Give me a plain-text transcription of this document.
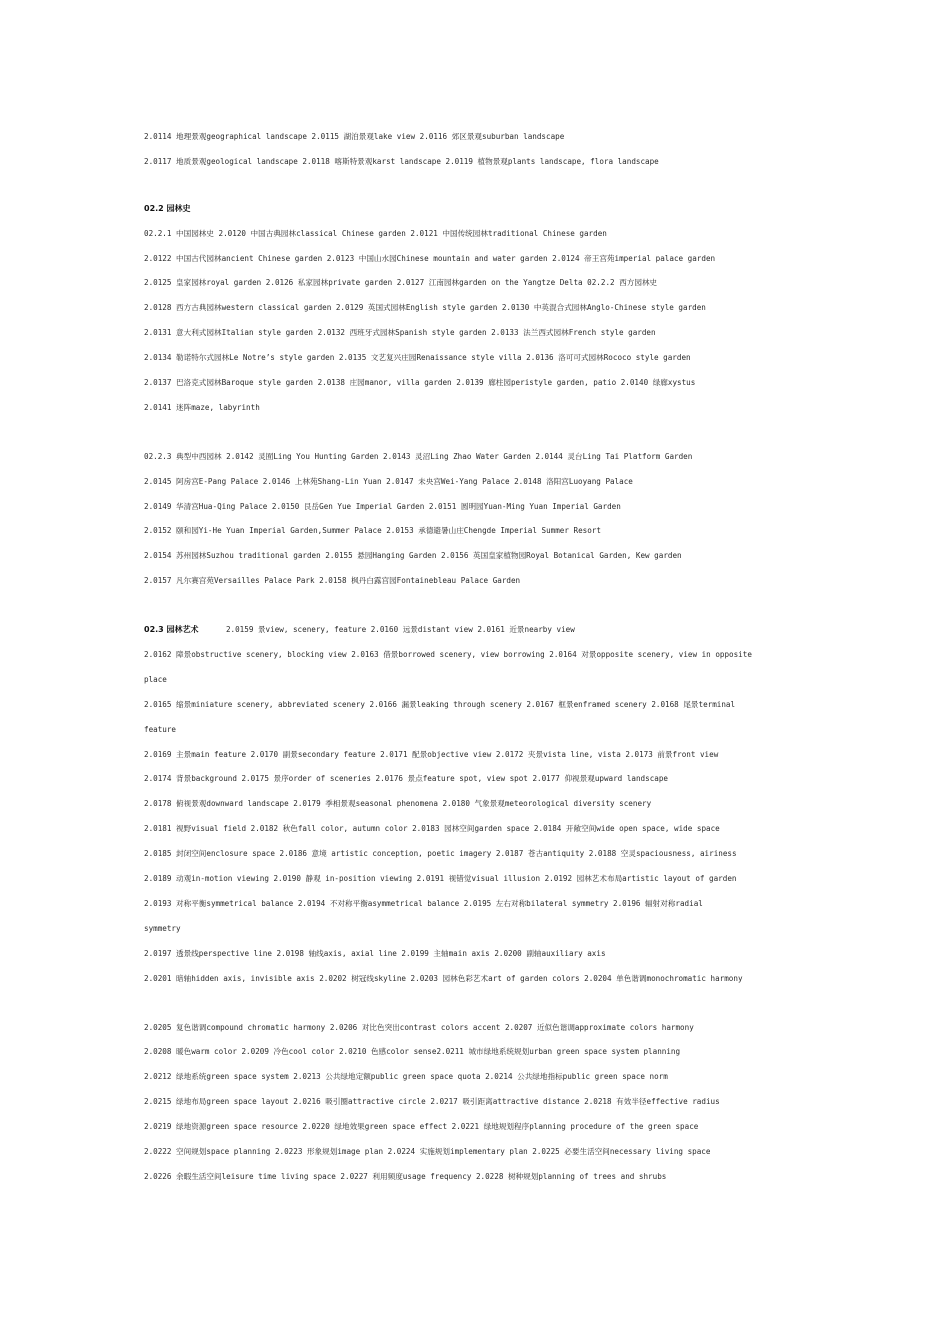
2.0114 地理景观geographical landscape 2.0115 湖泊景观lake view 2.0116 郊区景观suburban landscape
2.0117 地质景观geological landscape 2.0118 喀斯特景观karst landscape 2.0119 植物景观plants landscape, flora landscape
02.2 园林史
02.2.1 中国园林史 2.0120 中国古典园林classical Chinese garden 2.0121 中国传统园林traditional Chinese garden
2.0122 中国古代园林ancient Chinese garden 2.0123 中国山水园Chinese mountain and water garden 2.0124 帝王宫苑imperial palace garden
2.0125 皇家园林royal garden 2.0126 私家园林private garden 2.0127 江南园林garden on the Yangtze Delta 02.2.2 西方园林史
2.0128 西方古典园林western classical garden 2.0129 英国式园林English style garden 2.0130 中英混合式园林Anglo-Chinese style garden
2.0131 意大利式园林Italian style garden 2.0132 西班牙式园林Spanish style garden 2.0133 法兰西式园林French style garden
2.0134 勒诺特尔式园林Le Notre’s style garden 2.0135 文艺复兴庄园Renaissance style villa 2.0136 洛可可式园林Rococo style garden
2.0137 巴洛克式园林Baroque style garden 2.0138 庄园manor, villa garden 2.0139 廊柱园peristyle garden, patio 2.0140 绿廊xystus
2.0141 迷阵maze, labyrinth
02.2.3 典型中西园林 2.0142 灵囿Ling You Hunting Garden 2.0143 灵沼Ling Zhao Water Garden 2.0144 灵台Ling Tai Platform Garden
2.0145 阿房宫E-Pang Palace 2.0146 上林苑Shang-Lin Yuan 2.0147 未央宫Wei-Yang Palace 2.0148 洛阳宫Luoyang Palace
2.0149 华清宫Hua-Qing Palace 2.0150 艮岳Gen Yue Imperial Garden 2.0151 圆明园Yuan-Ming Yuan Imperial Garden
2.0152 颐和园Yi-He Yuan Imperial Garden,Summer Palace 2.0153 承德避暑山庄Chengde Imperial Summer Resort
2.0154 苏州园林Suzhou traditional garden 2.0155 悬园Hanging Garden 2.0156 英国皇家植物园Royal Botanical Garden, Kew garden
2.0157 凡尔赛宫苑Versailles Palace Park 2.0158 枫丹白露宫园Fontainebleau Palace Garden
02.3 园林艺术      2.0159 景view, scenery, feature 2.0160 远景distant view 2.0161 近景nearby view
2.0162 障景obstructive scenery, blocking view 2.0163 借景borrowed scenery, view borrowing 2.0164 对景opposite scenery, view in opposite
place
2.0165 缩景miniature scenery, abbreviated scenery 2.0166 漏景leaking through scenery 2.0167 框景enframed scenery 2.0168 尾景terminal
feature
2.0169 主景main feature 2.0170 副景secondary feature 2.0171 配景objective view 2.0172 夹景vista line, vista 2.0173 前景front view
2.0174 背景background 2.0175 景序order of sceneries 2.0176 景点feature spot, view spot 2.0177 仰视景观upward landscape
2.0178 俯视景观downward landscape 2.0179 季相景观seasonal phenomena 2.0180 气象景观meteorological diversity scenery
2.0181 视野visual field 2.0182 秋色fall color, autumn color 2.0183 园林空间garden space 2.0184 开敞空间wide open space, wide space
2.0185 封闭空间enclosure space 2.0186 意境 artistic conception, poetic imagery 2.0187 苍古antiquity 2.0188 空灵spaciousness, airiness
2.0189 动观in-motion viewing 2.0190 静观 in-position viewing 2.0191 视错觉visual illusion 2.0192 园林艺术布局artistic layout of garden
2.0193 对称平衡symmetrical balance 2.0194 不对称平衡asymmetrical balance 2.0195 左右对称bilateral symmetry 2.0196 辐射对称radial
symmetry
2.0197 透景线perspective line 2.0198 轴线axis, axial line 2.0199 主轴main axis 2.0200 副轴auxiliary axis
2.0201 暗轴hidden axis, invisible axis 2.0202 树冠线skyline 2.0203 园林色彩艺术art of garden colors 2.0204 单色谐调monochromatic harmony
2.0205 复色谐调compound chromatic harmony 2.0206 对比色突出contrast colors accent 2.0207 近似色谐调approximate colors harmony
2.0208 暖色warm color 2.0209 冷色cool color 2.0210 色感color sense2.0211 城市绿地系统规划urban green space system planning
2.0212 绿地系统green space system 2.0213 公共绿地定额public green space quota 2.0214 公共绿地指标public green space norm
2.0215 绿地布局green space layout 2.0216 吸引圈attractive circle 2.0217 吸引距离attractive distance 2.0218 有效半径effective radius
2.0219 绿地资源green space resource 2.0220 绿地效果green space effect 2.0221 绿地规划程序planning procedure of the green space
2.0222 空间规划space planning 2.0223 形象规划image plan 2.0224 实施规划implementary plan 2.0225 必要生活空间necessary living space
2.0226 余暇生活空间leisure time living space 2.0227 利用频度usage frequency 2.0228 树种规划planning of trees and shrubs
